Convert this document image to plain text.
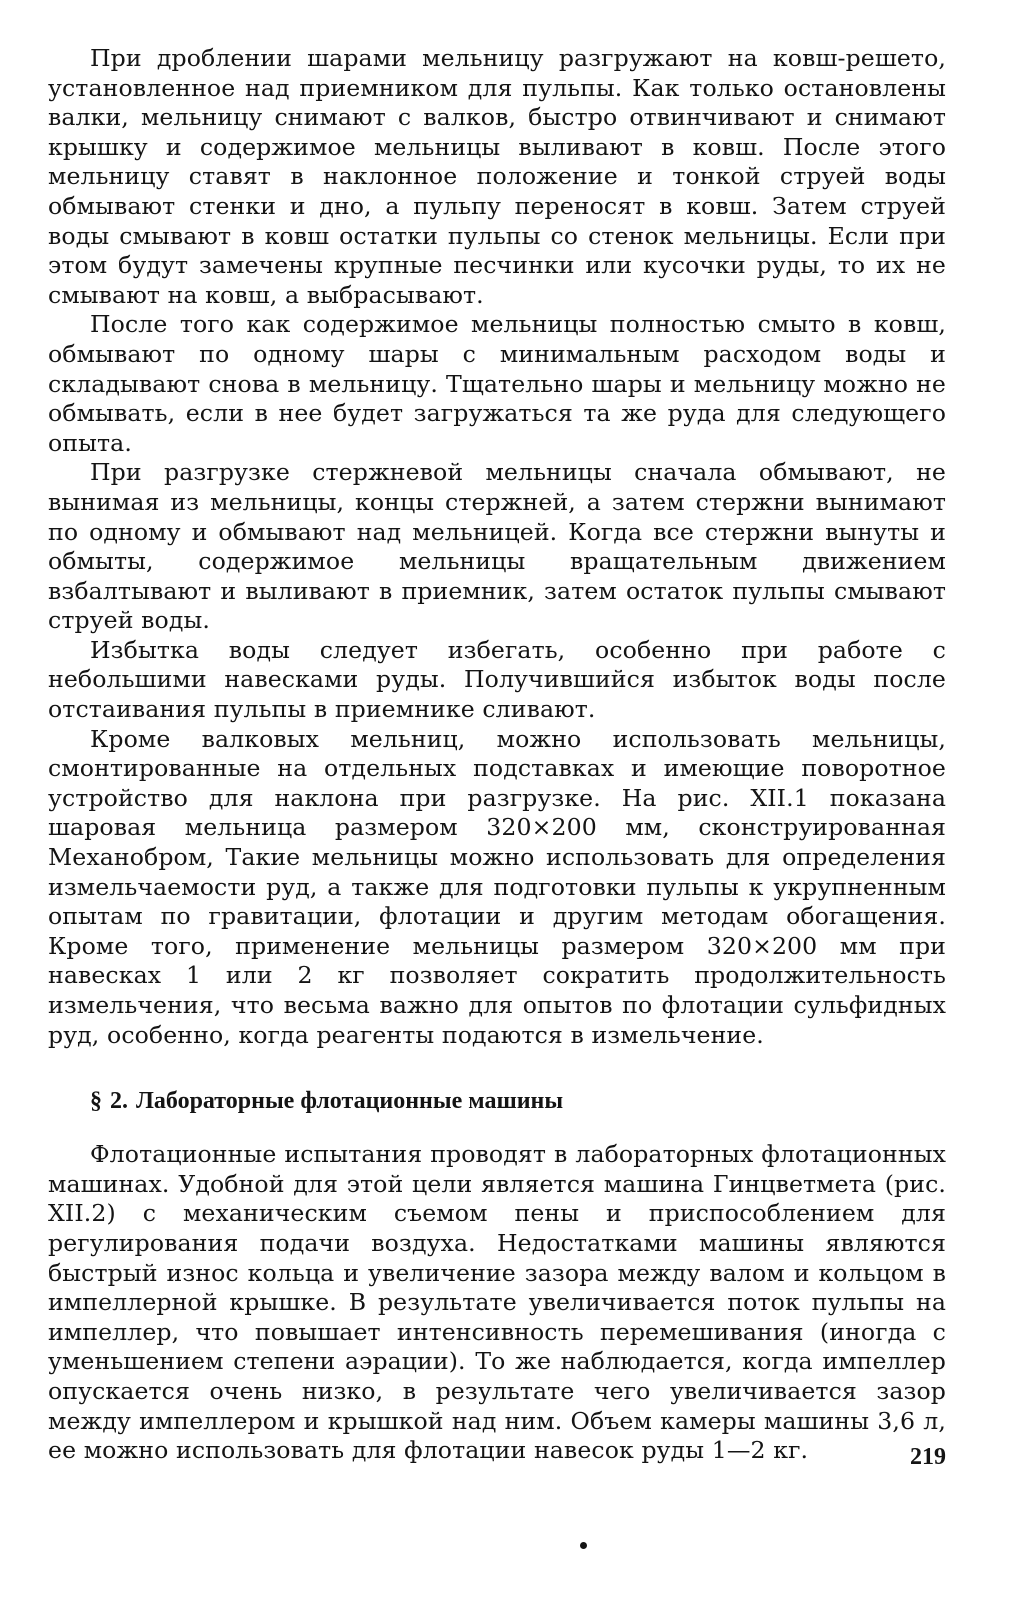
При дроблении шарами мельницу разгружают на ковш-решето, установленное над приемником для пульпы. Как только остановлены валки, мельницу снимают с валков, быстро отвинчивают и снимают крышку и содержимое мельницы выливают в ковш. После этого мельницу ставят в наклонное положение и тонкой струей воды обмывают стенки и дно, а пульпу переносят в ковш. Затем струей воды смывают в ковш остатки пульпы со стенок мельницы. Если при этом будут замечены крупные песчинки или кусочки руды, то их не смывают на ковш, а выбрасывают.

После того как содержимое мельницы полностью смыто в ковш, обмывают по одному шары с минимальным расходом воды и складывают снова в мельницу. Тщательно шары и мельницу можно не обмывать, если в нее будет загружаться та же руда для следующего опыта.

При разгрузке стержневой мельницы сначала обмывают, не вынимая из мельницы, концы стержней, а затем стержни вынимают по одному и обмывают над мельницей. Когда все стержни вынуты и обмыты, содержимое мельницы вращательным движением взбалтывают и выливают в приемник, затем остаток пульпы смывают струей воды.

Избытка воды следует избегать, особенно при работе с небольшими навесками руды. Получившийся избыток воды после отстаивания пульпы в приемнике сливают.

Кроме валковых мельниц, можно использовать мельницы, смонтированные на отдельных подставках и имеющие поворотное устройство для наклона при разгрузке. На рис. XII.1 показана шаровая мельница размером 320×200 мм, сконструированная Механобром, Такие мельницы можно использовать для определения измельчаемости руд, а также для подготовки пульпы к укрупненным опытам по гравитации, флотации и другим методам обогащения. Кроме того, применение мельницы размером 320×200 мм при навесках 1 или 2 кг позволяет сократить продолжительность измельчения, что весьма важно для опытов по флотации сульфидных руд, особенно, когда реагенты подаются в измельчение.

§ 2. Лабораторные флотационные машины

Флотационные испытания проводят в лабораторных флотационных машинах. Удобной для этой цели является машина Гинцветмета (рис. XII.2) с механическим съемом пены и приспособлением для регулирования подачи воздуха. Недостатками машины являются быстрый износ кольца и увеличение зазора между валом и кольцом в импеллерной крышке. В результате увеличивается поток пульпы на импеллер, что повышает интенсивность перемешивания (иногда с уменьшением степени аэрации). То же наблюдается, когда импеллер опускается очень низко, в результате чего увеличивается зазор между импеллером и крышкой над ним. Объем камеры машины 3,6 л, ее можно использовать для флотации навесок руды 1—2 кг.	219
